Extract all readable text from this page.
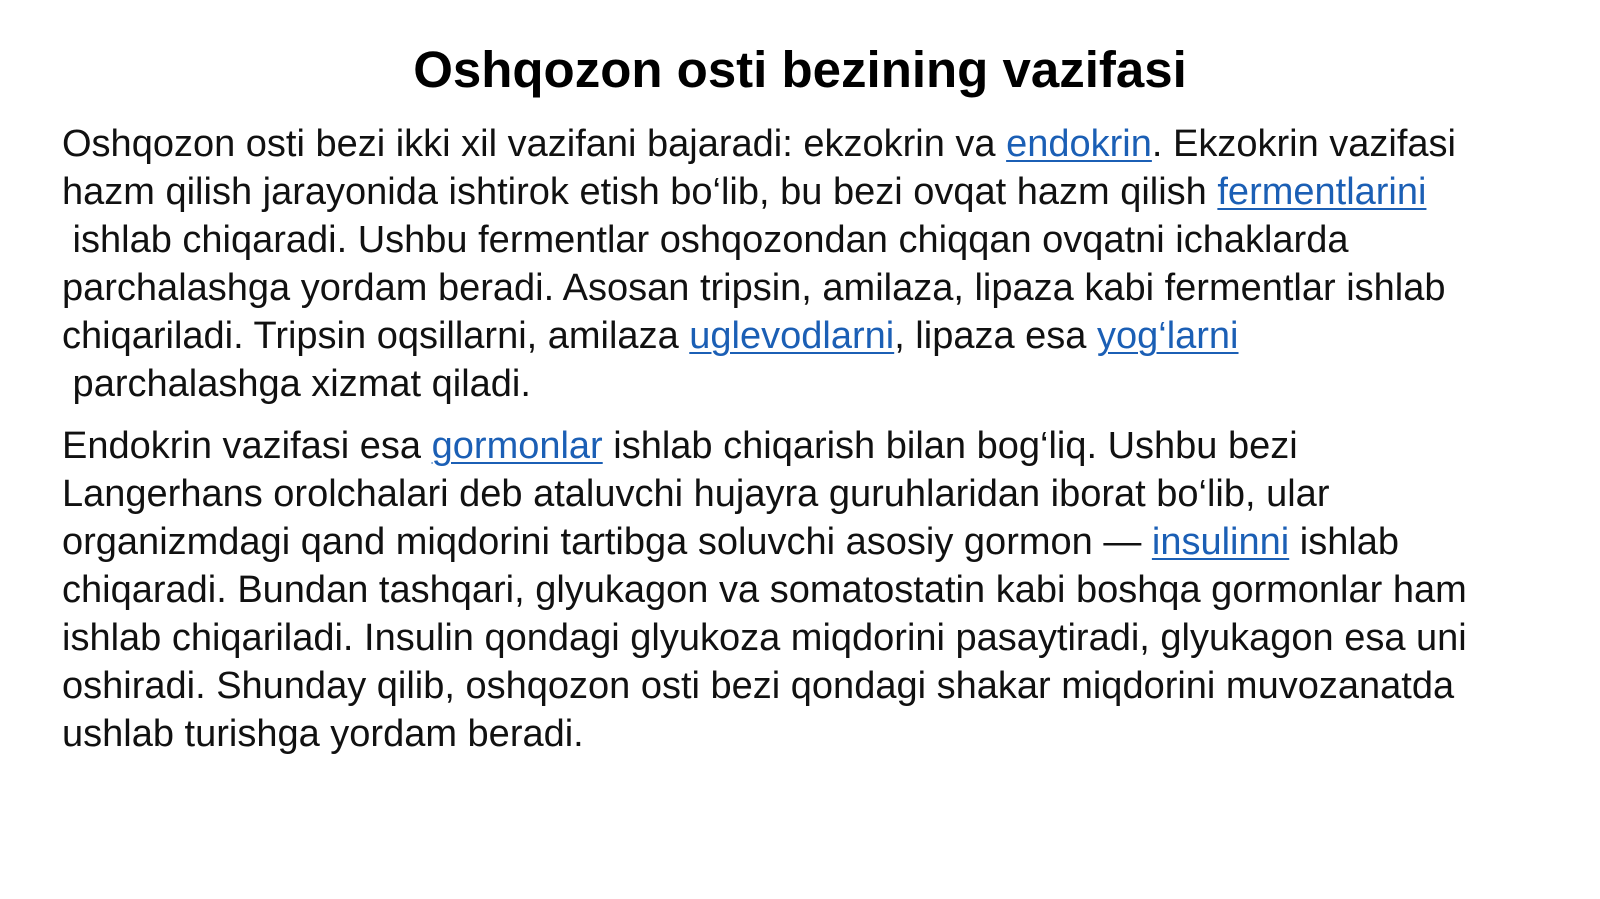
Oshqozon osti bezining vazifasi

Oshqozon osti bezi ikki xil vazifani bajaradi: ekzokrin va endokrin. Ekzokrin vazifasi
hazm qilish jarayonida ishtirok etish bo‘lib, bu bezi ovqat hazm qilish fermentlarini
ishlab chiqaradi. Ushbu fermentlar oshqozondan chiqqan ovqatni ichaklarda
parchalashga yordam beradi. Asosan tripsin, amilaza, lipaza kabi fermentlar ishlab
chiqariladi. Tripsin oqsillarni, amilaza uglevodlarni, lipaza esa yog‘larni
parchalashga xizmat qiladi.

Endokrin vazifasi esa gormonlar ishlab chiqarish bilan bog‘liq. Ushbu bezi
Langerhans orolchalari deb ataluvchi hujayra guruhlaridan iborat bo‘lib, ular
organizmdagi qand miqdorini tartibga soluvchi asosiy gormon — insulinni ishlab
chiqaradi. Bundan tashqari, glyukagon va somatostatin kabi boshqa gormonlar ham
ishlab chiqariladi. Insulin qondagi glyukoza miqdorini pasaytiradi, glyukagon esa uni
oshiradi. Shunday qilib, oshqozon osti bezi qondagi shakar miqdorini muvozanatda
ushlab turishga yordam beradi.
